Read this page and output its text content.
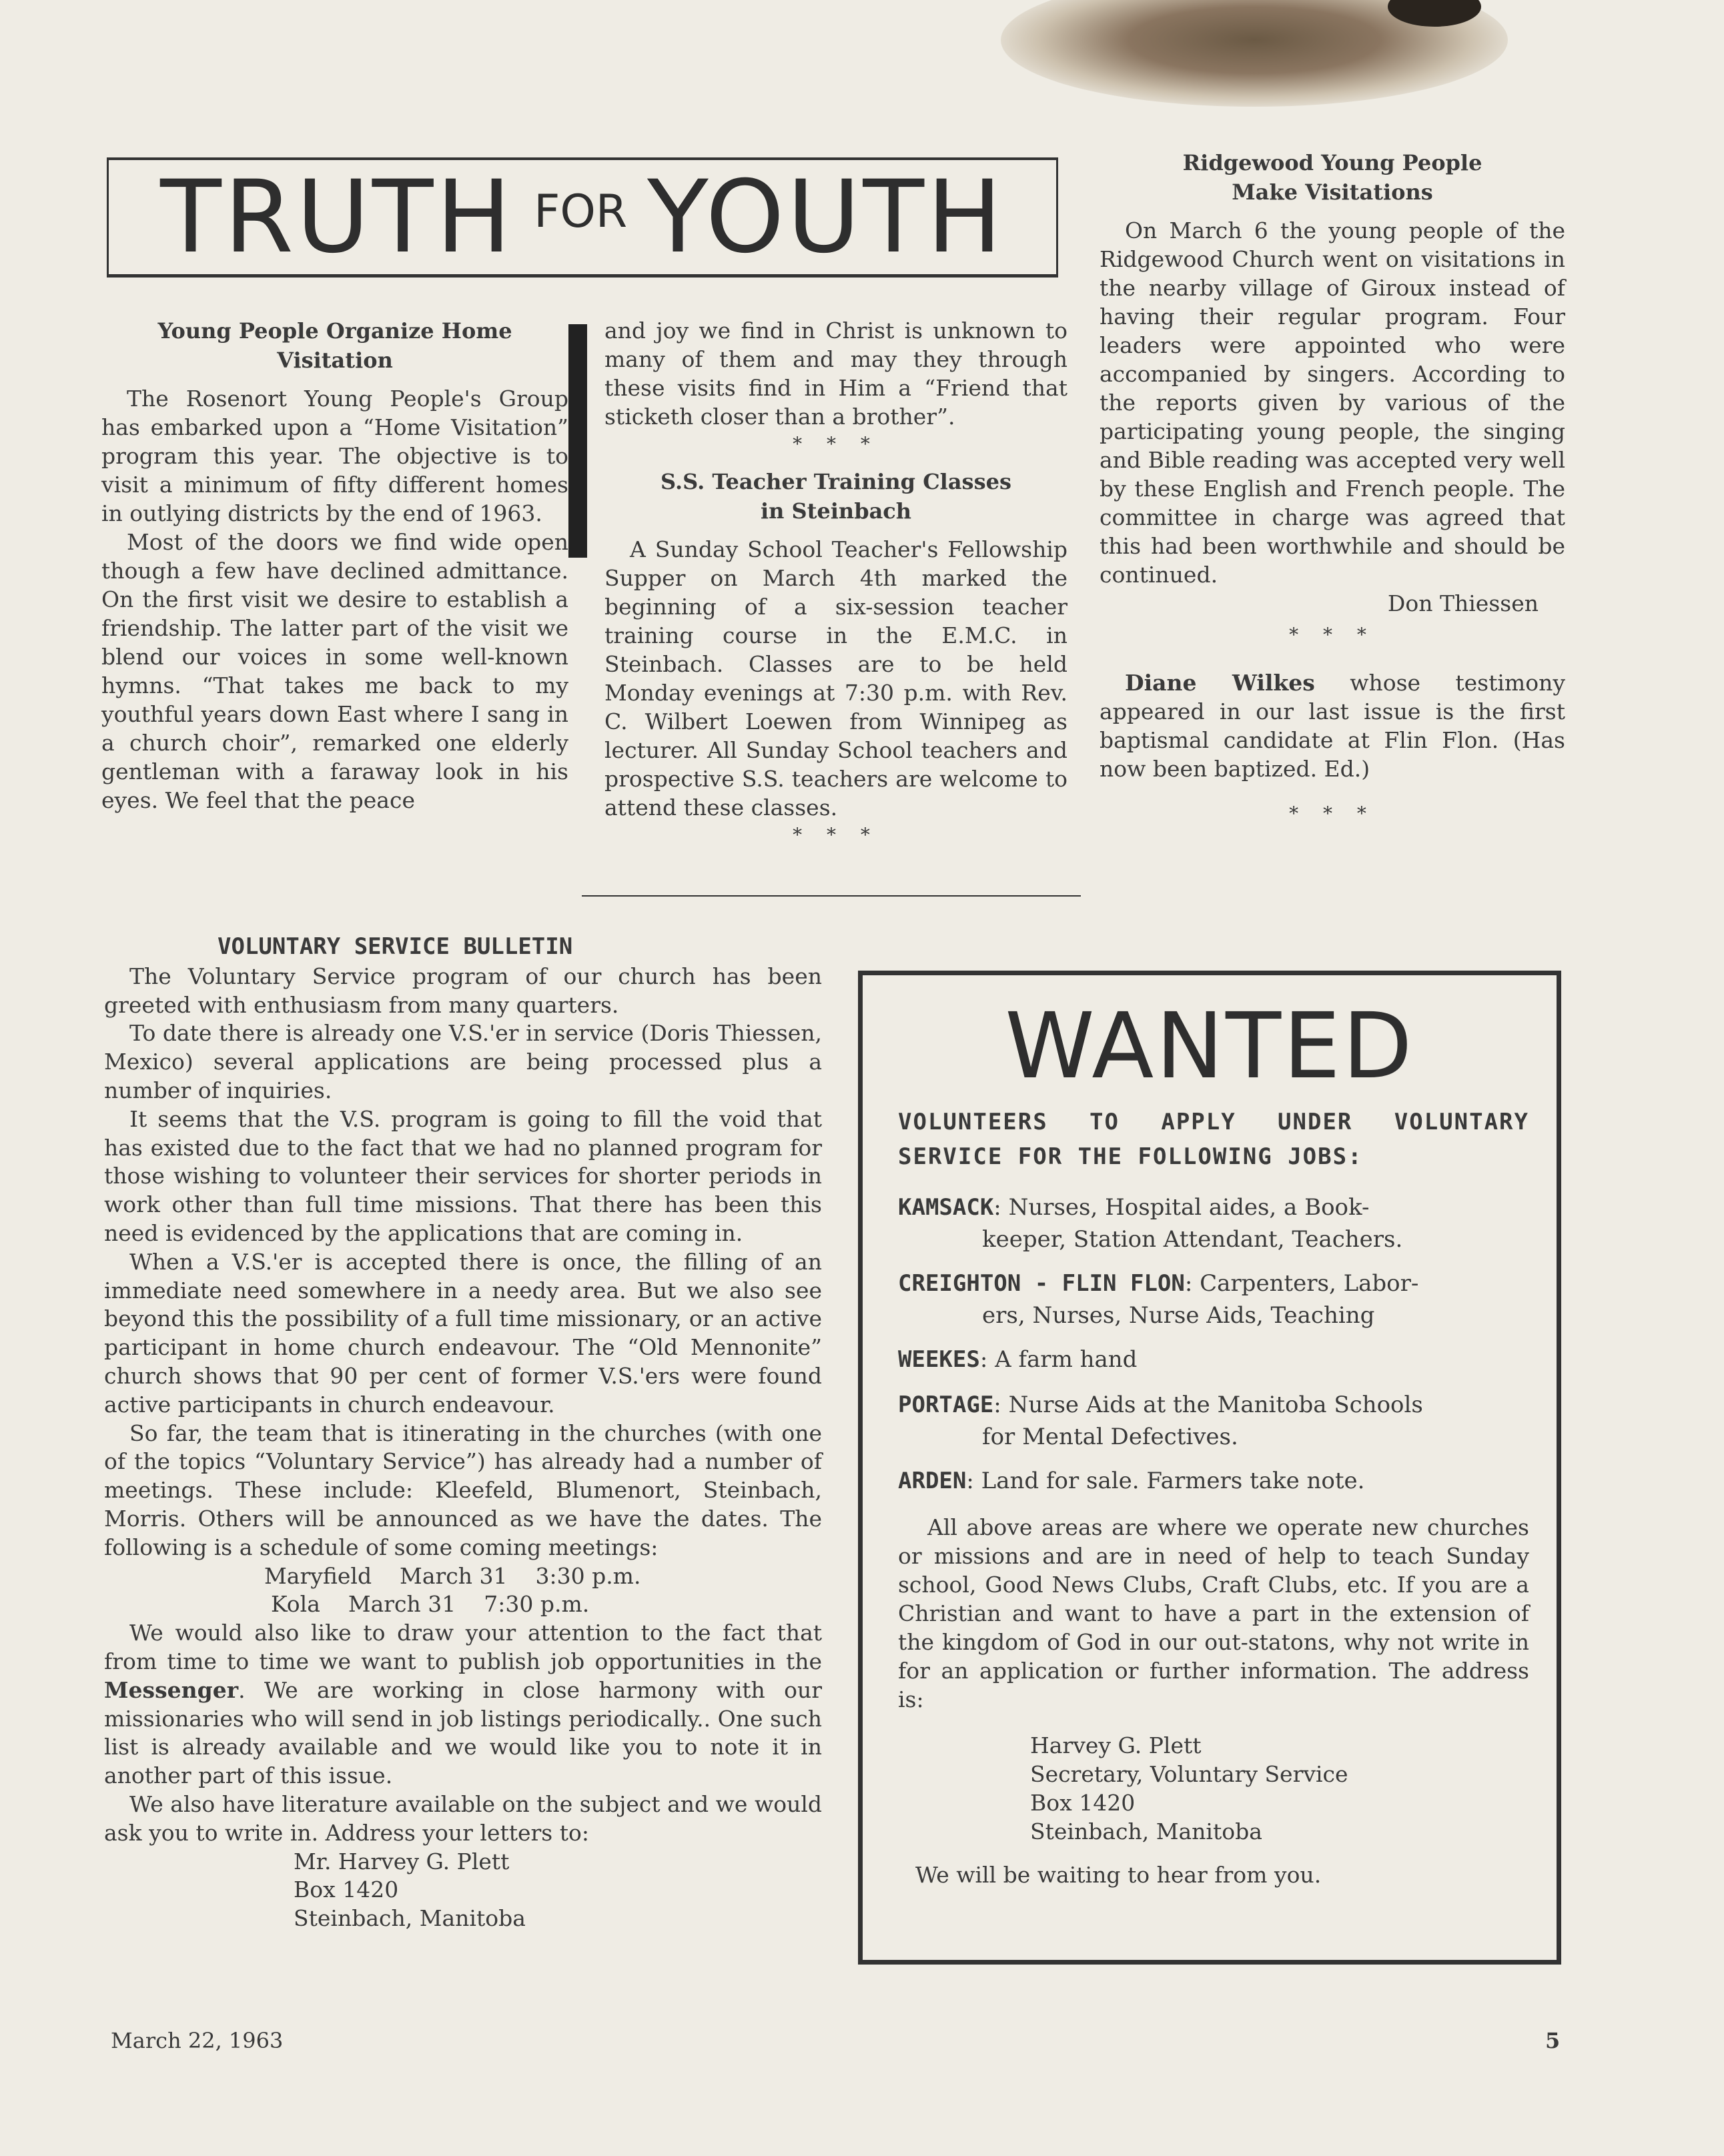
TRUTH FOR YOUTH
Young People Organize Home
Visitation

The Rosenort Young People's Group has embarked upon a “Home Visitation” program this year. The objective is to visit a minimum of fifty different homes in outlying districts by the end of 1963.

Most of the doors we find wide open though a few have declined admittance. On the first visit we desire to establish a friendship. The latter part of the visit we blend our voices in some well-known hymns. “That takes me back to my youthful years down East where I sang in a church choir”, remarked one elderly gentleman with a faraway look in his eyes. We feel that the peace

and joy we find in Christ is unknown to many of them and may they through these visits find in Him a “Friend that sticketh closer than a brother”.

* * *
S.S. Teacher Training Classes
in Steinbach

A Sunday School Teacher's Fellowship Supper on March 4th marked the beginning of a six-session teacher training course in the E.M.C. in Steinbach. Classes are to be held Monday evenings at 7:30 p.m. with Rev. C. Wilbert Loewen from Winnipeg as lecturer. All Sunday School teachers and prospective S.S. teachers are welcome to attend these classes.

* * *
Ridgewood Young People
Make Visitations

On March 6 the young people of the Ridgewood Church went on visitations in the nearby village of Giroux instead of having their regular program. Four leaders were appointed who were accompanied by singers. According to the reports given by various of the participating young people, the singing and Bible reading was accepted very well by these English and French people. The committee in charge was agreed that this had been worthwhile and should be continued.

Don Thiessen
* * *

Diane Wilkes whose testimony appeared in our last issue is the first baptismal candidate at Flin Flon. (Has now been baptized. Ed.)

* * *
VOLUNTARY SERVICE BULLETIN

The Voluntary Service program of our church has been greeted with enthusiasm from many quarters.

To date there is already one V.S.'er in service (Doris Thiessen, Mexico) several applications are being processed plus a number of inquiries.

It seems that the V.S. program is going to fill the void that has existed due to the fact that we had no planned program for those wishing to volunteer their services for shorter periods in work other than full time missions. That there has been this need is evidenced by the applications that are coming in.

When a V.S.'er is accepted there is once, the filling of an immediate need somewhere in a needy area. But we also see beyond this the possibility of a full time missionary, or an active participant in home church endeavour. The “Old Mennonite” church shows that 90 per cent of former V.S.'ers were found active participants in church endeavour.

So far, the team that is itinerating in the churches (with one of the topics “Voluntary Service”) has already had a number of meetings. These include: Kleefeld, Blumenort, Steinbach, Morris. Others will be announced as we have the dates. The following is a schedule of some coming meetings:

Maryfield    March 31    3:30 p.m.
Kola    March 31    7:30 p.m.

We would also like to draw your attention to the fact that from time to time we want to publish job opportunities in the Messenger. We are working in close harmony with our missionaries who will send in job listings periodically.. One such list is already available and we would like you to note it in another part of this issue.

We also have literature available on the subject and we would ask you to write in. Address your letters to:

Mr. Harvey G. Plett
Box 1420
Steinbach, Manitoba
WANTED
VOLUNTEERS TO APPLY UNDER VOLUNTARY SERVICE FOR THE FOLLOWING JOBS:
KAMSACK: Nurses, Hospital aides, a Book-
keeper, Station Attendant, Teachers.
CREIGHTON - FLIN FLON: Carpenters, Labor-
ers, Nurses, Nurse Aids, Teaching
WEEKES: A farm hand
PORTAGE: Nurse Aids at the Manitoba Schools
for Mental Defectives.
ARDEN: Land for sale. Farmers take note.

All above areas are where we operate new churches or missions and are in need of help to teach Sunday school, Good News Clubs, Craft Clubs, etc. If you are a Christian and want to have a part in the extension of the kingdom of God in our out-statons, why not write in for an application or further information. The address is:

Harvey G. Plett
Secretary, Voluntary Service
Box 1420
Steinbach, Manitoba
We will be waiting to hear from you.
March 22, 1963	5
